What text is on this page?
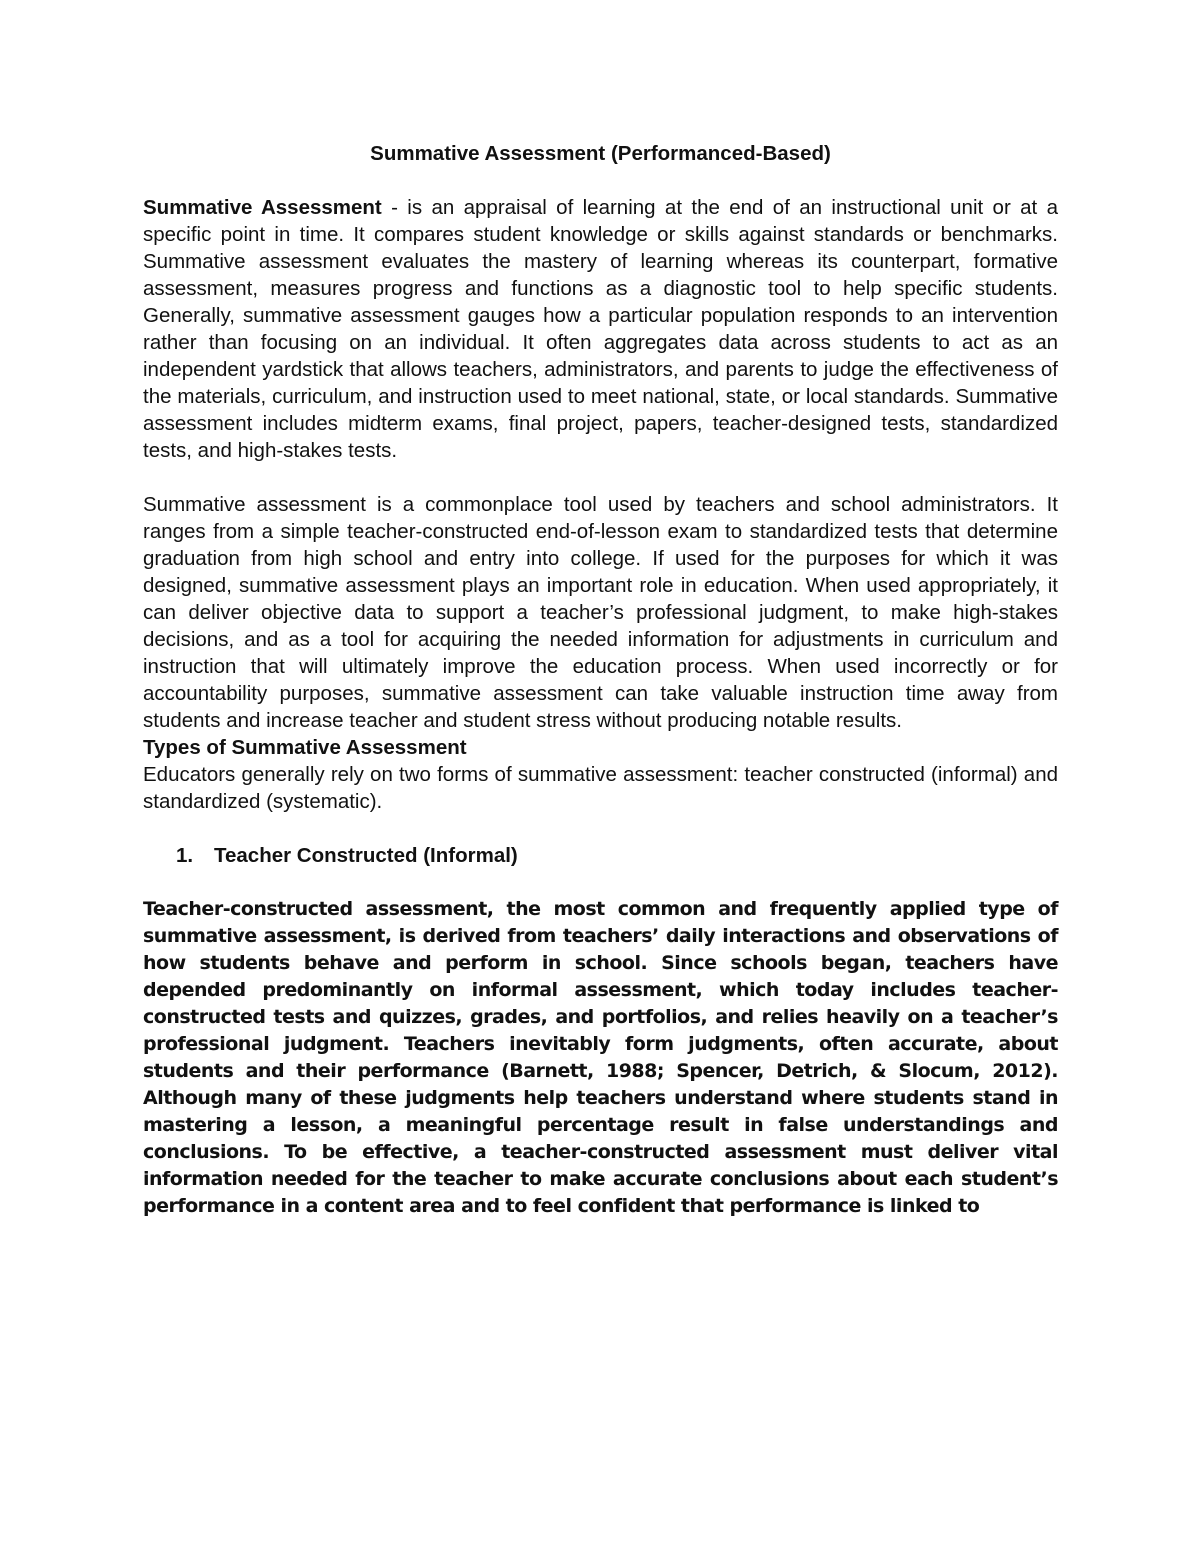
Summative Assessment (Performanced-Based)

Summative Assessment - is an appraisal of learning at the end of an instructional unit or at a specific point in time. It compares student knowledge or skills against standards or benchmarks. Summative assessment evaluates the mastery of learning whereas its counterpart, formative assessment, measures progress and functions as a diagnostic tool to help specific students. Generally, summative assessment gauges how a particular population responds to an intervention rather than focusing on an individual. It often aggregates data across students to act as an independent yardstick that allows teachers, administrators, and parents to judge the effectiveness of the materials, curriculum, and instruction used to meet national, state, or local standards. Summative assessment includes midterm exams, final project, papers, teacher-designed tests, standardized tests, and high-stakes tests.

Summative assessment is a commonplace tool used by teachers and school administrators. It ranges from a simple teacher-constructed end-of-lesson exam to standardized tests that determine graduation from high school and entry into college. If used for the purposes for which it was designed, summative assessment plays an important role in education. When used appropriately, it can deliver objective data to support a teacher’s professional judgment, to make high-stakes decisions, and as a tool for acquiring the needed information for adjustments in curriculum and instruction that will ultimately improve the education process. When used incorrectly or for accountability purposes, summative assessment can take valuable instruction time away from students and increase teacher and student stress without producing notable results.

Types of Summative Assessment

Educators generally rely on two forms of summative assessment: teacher constructed (informal) and standardized (systematic).

1.	Teacher Constructed (Informal)

Teacher-constructed assessment, the most common and frequently applied type of summative assessment, is derived from teachers’ daily interactions and observations of how students behave and perform in school. Since schools began, teachers have depended predominantly on informal assessment, which today includes teacher-constructed tests and quizzes, grades, and portfolios, and relies heavily on a teacher’s professional judgment. Teachers inevitably form judgments, often accurate, about students and their performance (Barnett, 1988; Spencer, Detrich, & Slocum, 2012). Although many of these judgments help teachers understand where students stand in mastering a lesson, a meaningful percentage result in false understandings and conclusions. To be effective, a teacher-constructed assessment must deliver vital information needed for the teacher to make accurate conclusions about each student’s performance in a content area and to feel confident that performance is linked to
